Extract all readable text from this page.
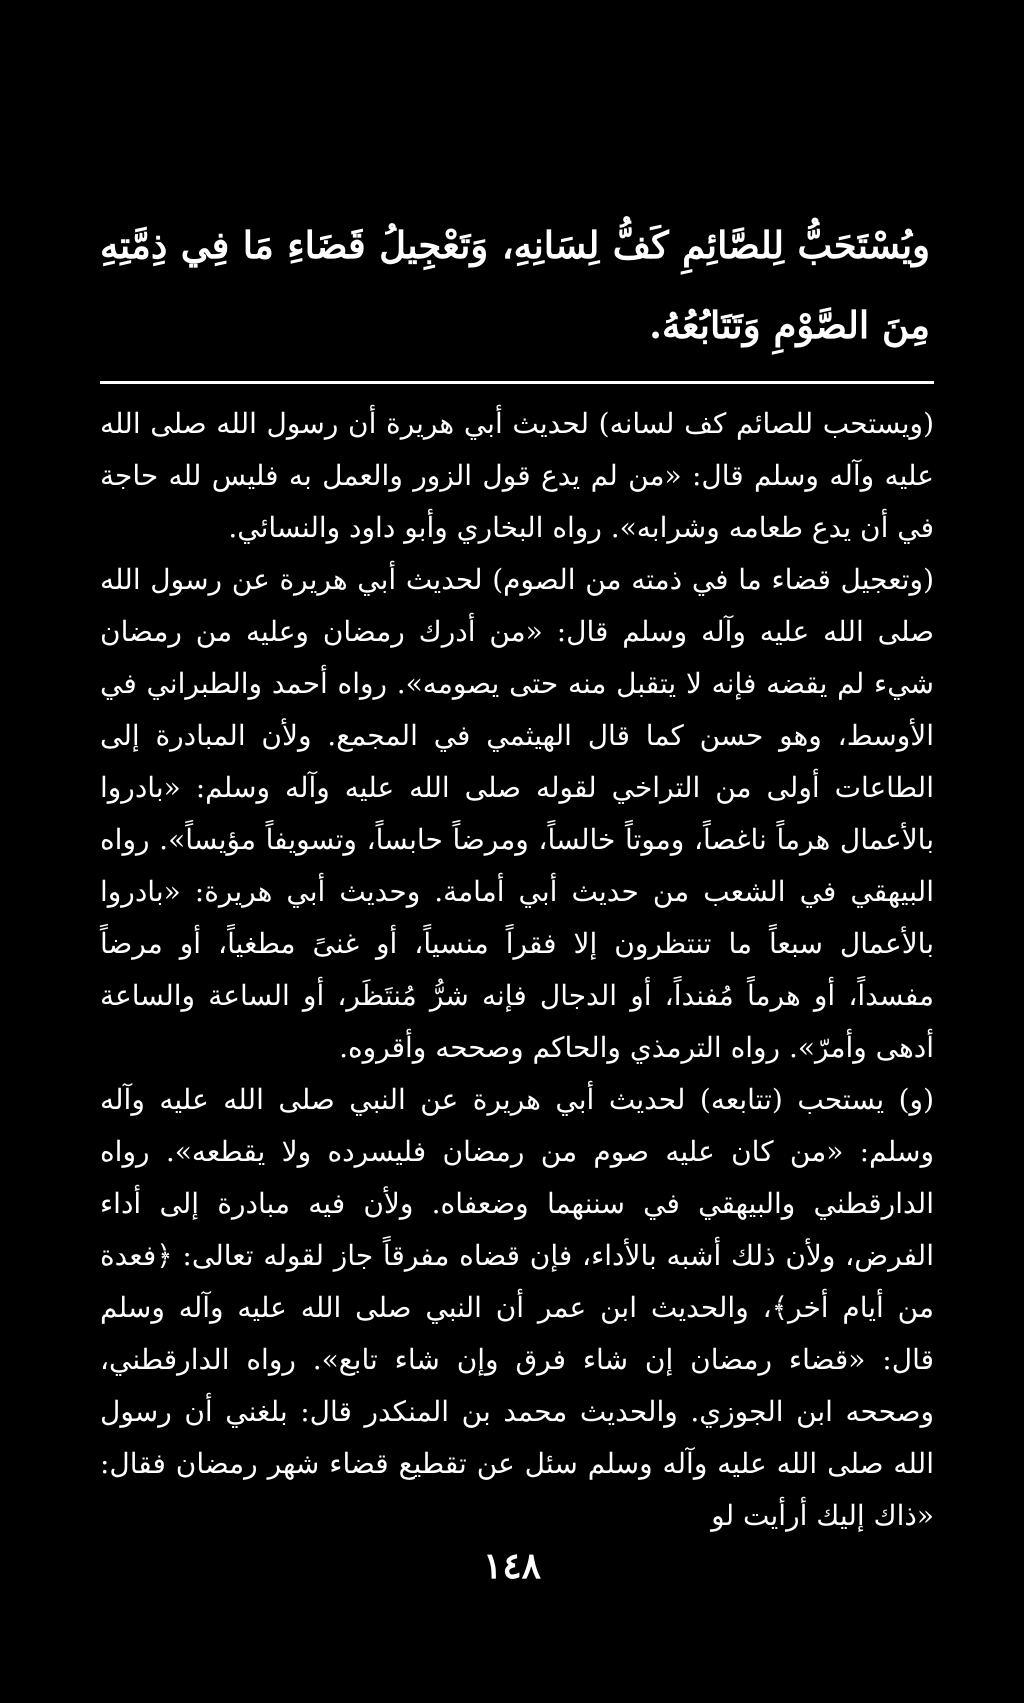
ويُسْتَحَبُّ لِلصَّائِمِ كَفُّ لِسَانِهِ، وَتَعْجِيلُ قَضَاءِ مَا فِي ذِمَّتِهِ مِنَ الصَّوْمِ وَتَتَابُعُهُ.

(ويستحب للصائم كف لسانه) لحديث أبي هريرة أن رسول الله صلى الله عليه وآله وسلم قال: «من لم يدع قول الزور والعمل به فليس لله حاجة في أن يدع طعامه وشرابه». رواه البخاري وأبو داود والنسائي.

(وتعجيل قضاء ما في ذمته من الصوم) لحديث أبي هريرة عن رسول الله صلى الله عليه وآله وسلم قال: «من أدرك رمضان وعليه من رمضان شيء لم يقضه فإنه لا يتقبل منه حتى يصومه». رواه أحمد والطبراني في الأوسط، وهو حسن كما قال الهيثمي في المجمع. ولأن المبادرة إلى الطاعات أولى من التراخي لقوله صلى الله عليه وآله وسلم: «بادروا بالأعمال هرماً ناغصاً، وموتاً خالساً، ومرضاً حابساً، وتسويفاً مؤيساً». رواه البيهقي في الشعب من حديث أبي أمامة. وحديث أبي هريرة: «بادروا بالأعمال سبعاً ما تنتظرون إلا فقراً منسياً، أو غنىً مطغياً، أو مرضاً مفسداً، أو هرماً مُفنداً، أو الدجال فإنه شرُّ مُنتَظَر، أو الساعة والساعة أدهى وأمرّ». رواه الترمذي والحاكم وصححه وأقروه.

(و) يستحب (تتابعه) لحديث أبي هريرة عن النبي صلى الله عليه وآله وسلم: «من كان عليه صوم من رمضان فليسرده ولا يقطعه». رواه الدارقطني والبيهقي في سننهما وضعفاه. ولأن فيه مبادرة إلى أداء الفرض، ولأن ذلك أشبه بالأداء، فإن قضاه مفرقاً جاز لقوله تعالى: ﴿فعدة من أيام أخر﴾، والحديث ابن عمر أن النبي صلى الله عليه وآله وسلم قال: «قضاء رمضان إن شاء فرق وإن شاء تابع». رواه الدارقطني، وصححه ابن الجوزي. والحديث محمد بن المنكدر قال: بلغني أن رسول الله صلى الله عليه وآله وسلم سئل عن تقطيع قضاء شهر رمضان فقال: «ذاك إليك أرأيت لو

١٤٨
